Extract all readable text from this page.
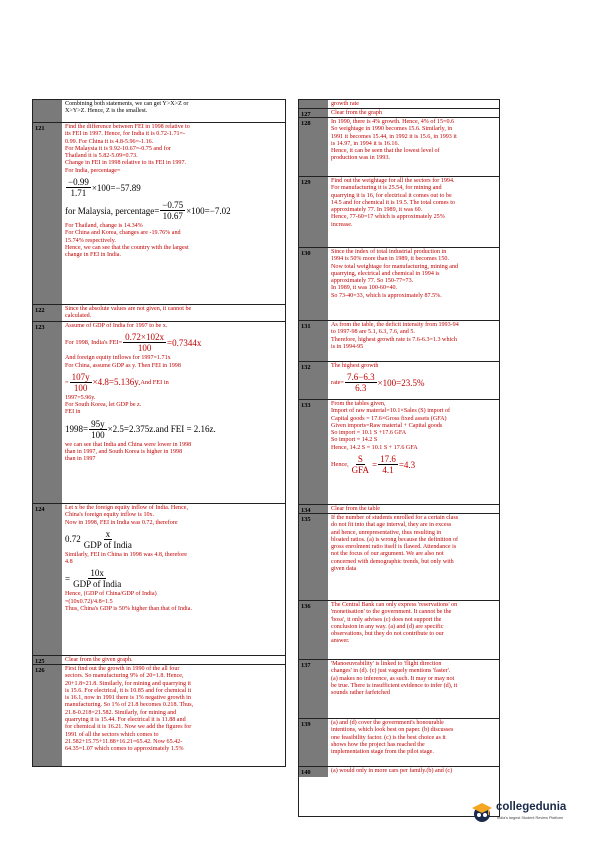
Combining both statements, we can get Y>X>Z or
X>Y>Z. Hence, Z is the smallest.
121	Find the difference between FEI in 1998 relative to
its FEI in 1997. Hence, for India it is 0.72-1.71=-
0.99. For China it is 4.8-5.96=-1.16.
For Malaysia it is 9.92-10.67=-0.75 and for
Thailand it is 5.82-5.09=0.73.
Change in FEI in 1998 relative to its FEI in 1997.
For India, percentage=
$\frac{-0.99}{1.71} \times 100=-57.89$
for Malaysia, percentage= $\frac{-0.75}{10.67} \times 100=-7.02$
For Thailand, change is 14.34%
For China and Korea, changes are -19.76% and
15.74% respectively.
Hence, we can see that the country with the largest
change in FEI in India.
122	Since the absolute values are not given, it cannot be
calculated.
123	Assume of GDP of India for 1997 to be x.
For 1998, India's $FEI= \frac{0.72\times 102x}{100} =0.7344x$
And foreign equity inflows for 1997=1.71x
For China, assume GDP as y. Then FEI in 1998
= $\frac{107y}{100} \times 4.8=5.136y$. And FEI in
1997=5.96y.
For South Korea, let GDP be z.
FEI in
$1998= \frac{95y}{100} \times 2.5=2.375z.and$ FEI = 2.16z.
we can see that India and China were lower in 1998
than in 1997, and South Korea is higher in 1998
than in 1997
124	Let x be the foreign equity inflow of India. Hence,
China's foreign equity inflow is 10x.
Now in 1998, FEI in India was 0.72, therefore
$0.72 \frac{x}{\text{GDP of India}}$
Similarly, FEI in China in 1998 was 4.8, therefore
4.8
= $\frac{10x}{\text{GDP of India}}$
Hence, (GDP of China/GDP of India)
=(10x0.72)/4.8=1.5
Thus, China's GDP is 50% higher than that of India.
125	Clear from the given graph.
126	First find out the growth in 1990 of the all four
sectors. So manufacturing 9% of 20=1.8. Hence,
20+1.8=21.8. Similarly, for mining and quarrying it
is 15.6. For electrical, it is 10.85 and for chemical it
is 16.1, now in 1991 there is 1% negative growth in
manufacturing. So 1% of 21.8 becomes 0.218. Thus,
21.8-0.218=21.582. Similarly, for mining and
quarrying it is 15.44. For electrical it is 11.88 and
for chemical it is 16.21. Now we add the figures for
1991 of all the sectors which comes to
21.582+15.75+11.88+16.21=65.42. Now 65.42-
64.35=1.07 which comes to approximately 1.5%
growth rate
127	Clear from the graph
128	In 1990, there is 4% growth. Hence, 4% of 15=0.6
So weightage in 1990 becomes 15.6. Similarly, in
1991 it becomes 15.44, in 1992 it is 15.6, in 1993 it
is 14.97, in 1994 it is 16.16.
Hence, it can be seen that the lowest level of
production was in 1993.
129	Find out the weightage for all the sectors for 1994.
For manufacturing it is 25.54, for mining and
quarrying it is 16, for electrical it comes out to be
14.5 and for chemical it is 19.5. The total comes to
approximately 77. In 1989, it was 60.
Hence, 77-60=17 which is approximately 25%
increase.
130	Since the index of total industrial production in
1994 is 50% more than in 1989, it becomes 150.
Now total weightage for manufacturing, mining and
quarrying, electrical and chemical in 1994 is
approximately 77. So 150-77=73.
In 1989, it was 100-60=40.
So 73-40=33, which is approximately 87.5%.
131	As from the table, the deficit intensity from 1993-94
to 1997-98 are 5.1, 6.3, 7.6, and 5.
Therefore, highest growth rate is 7.6-6.3=1.3 which
is in 1994-95
132	The highest growth
rate= $\frac{7.6-6.3}{6.3} \times 100=23.5\%$
133	From the tables given,
Import of raw material=10.1×Sales (S) import of
Capital goods = 17.6×Gross fixed assets (GFA)
Given imports=Raw material + Capital goods
So import = 10.1 S +17.6 GFA
So import = 14.2 S
Hence, 14.2 S = 10.1 S + 17.6 GFA
Hence, $\frac{S}{\text{GFA}} = \frac{17.6}{4.1} =4.3$
134	Clear from the table
135	If the number of students enrolled for a certain class
do not fit into that age interval, they are in excess
and hence, unrepresentative, thus resulting in
bloated ratios. (a) is wrong because the definition of
gross enrolment ratio itself is flawed. Attendance is
not the focus of our argument. We are also not
concerned with demographic trends, but only with
given data
136	The Central Bank can only express 'reservations' on
'monetisation' to the government. It cannot be the
'boss', it only advises (c) does not support the
conclusion in any way. (a) and (d) are specific
observations, but they do not contribute to our
answer.
137	'Manoeuvrability' is linked to 'flight direction
changes' in (d). (c) just vaguely mentions 'faster'.
(a) makes no inference, as such. It may or may not
be true. There is insufficient evidence to infer (d), it
sounds rather farfetched
139	(a) and (d) cover the government's honourable
intentions, which look best on paper. (b) discusses
one feasibility factor. (c) is the best choice as it
shows how the project has reached the
implementation stage from the pilot stage.
140	(a) would only in more cars per family.(b) and (c)
collegedunia
India's largest Student Review Platform
